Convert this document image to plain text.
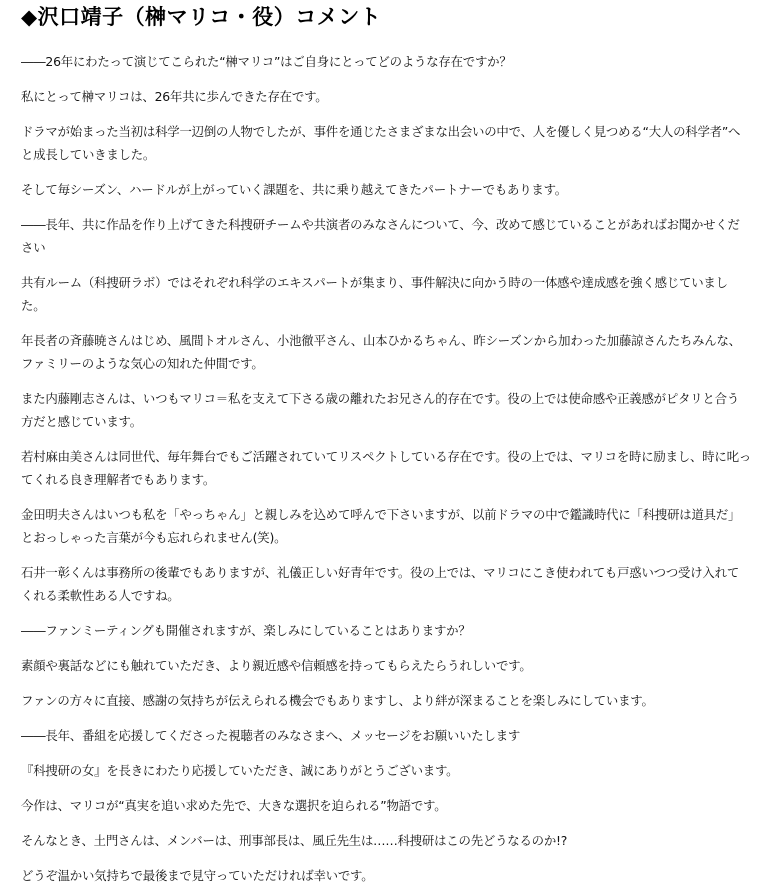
◆沢口靖子（榊マリコ・役）コメント

――26年にわたって演じてこられた“榊マリコ”はご自身にとってどのような存在ですか？

私にとって榊マリコは、26年共に歩んできた存在です。

ドラマが始まった当初は科学一辺倒の人物でしたが、事件を通じたさまざまな出会いの中で、人を優しく見つめる“大人の科学者”へと成長していきました。

そして毎シーズン、ハードルが上がっていく課題を、共に乗り越えてきたパートナーでもあります。

――長年、共に作品を作り上げてきた科捜研チームや共演者のみなさんについて、今、改めて感じていることがあればお聞かせください

共有ルーム（科捜研ラボ）ではそれぞれ科学のエキスパートが集まり、事件解決に向かう時の一体感や達成感を強く感じていました。

年長者の斉藤暁さんはじめ、風間トオルさん、小池徹平さん、山本ひかるちゃん、昨シーズンから加わった加藤諒さんたちみんな、ファミリーのような気心の知れた仲間です。

また内藤剛志さんは、いつもマリコ＝私を支えて下さる歳の離れたお兄さん的存在です。役の上では使命感や正義感がピタリと合う方だと感じています。

若村麻由美さんは同世代、毎年舞台でもご活躍されていてリスペクトしている存在です。役の上では、マリコを時に励まし、時に叱ってくれる良き理解者でもあります。

金田明夫さんはいつも私を「やっちゃん」と親しみを込めて呼んで下さいますが、以前ドラマの中で鑑識時代に「科捜研は道具だ」とおっしゃった言葉が今も忘れられません(笑)。

石井一彰くんは事務所の後輩でもありますが、礼儀正しい好青年です。役の上では、マリコにこき使われても戸惑いつつ受け入れてくれる柔軟性ある人ですね。

――ファンミーティングも開催されますが、楽しみにしていることはありますか？

素顔や裏話などにも触れていただき、より親近感や信頼感を持ってもらえたらうれしいです。

ファンの方々に直接、感謝の気持ちが伝えられる機会でもありますし、より絆が深まることを楽しみにしています。

――長年、番組を応援してくださった視聴者のみなさまへ、メッセージをお願いいたします

『科捜研の女』を長きにわたり応援していただき、誠にありがとうございます。

今作は、マリコが“真実を追い求めた先で、大きな選択を迫られる”物語です。

そんなとき、土門さんは、メンバーは、刑事部長は、風丘先生は……科捜研はこの先どうなるのか!?

どうぞ温かい気持ちで最後まで見守っていただければ幸いです。
